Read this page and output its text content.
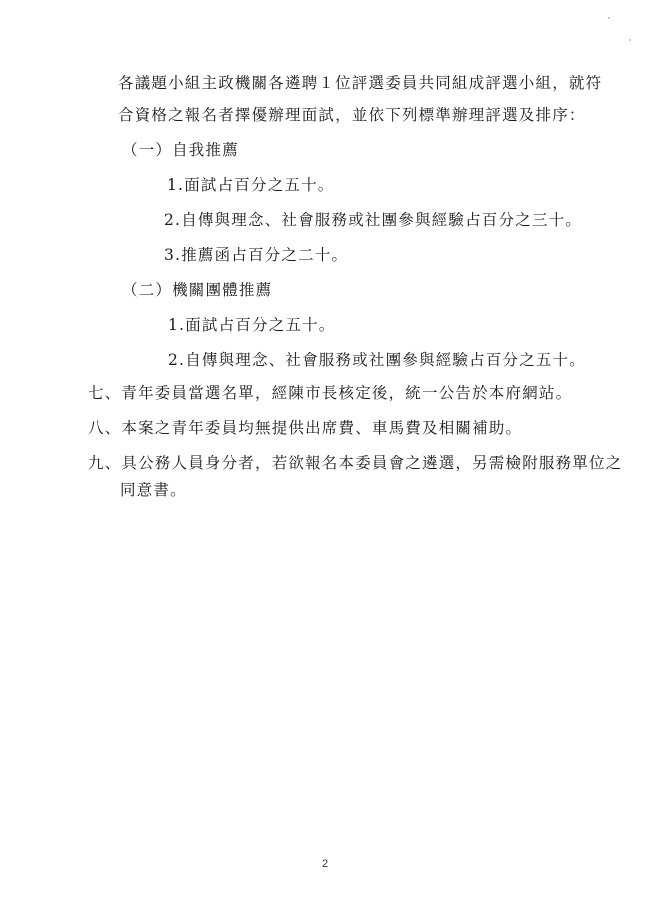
各議題小組主政機關各遴聘１位評選委員共同組成評選小組，就符
合資格之報名者擇優辦理面試，並依下列標準辦理評選及排序：
（一）自我推薦
1.面試占百分之五十。
2.自傳與理念、社會服務或社團參與經驗占百分之三十。
3.推薦函占百分之二十。
（二）機關團體推薦
1.面試占百分之五十。
2.自傳與理念、社會服務或社團參與經驗占百分之五十。
七、青年委員當選名單，經陳市長核定後，統一公告於本府網站。
八、本案之青年委員均無提供出席費、車馬費及相關補助。
九、具公務人員身分者，若欲報名本委員會之遴選，另需檢附服務單位之
同意書。
2
